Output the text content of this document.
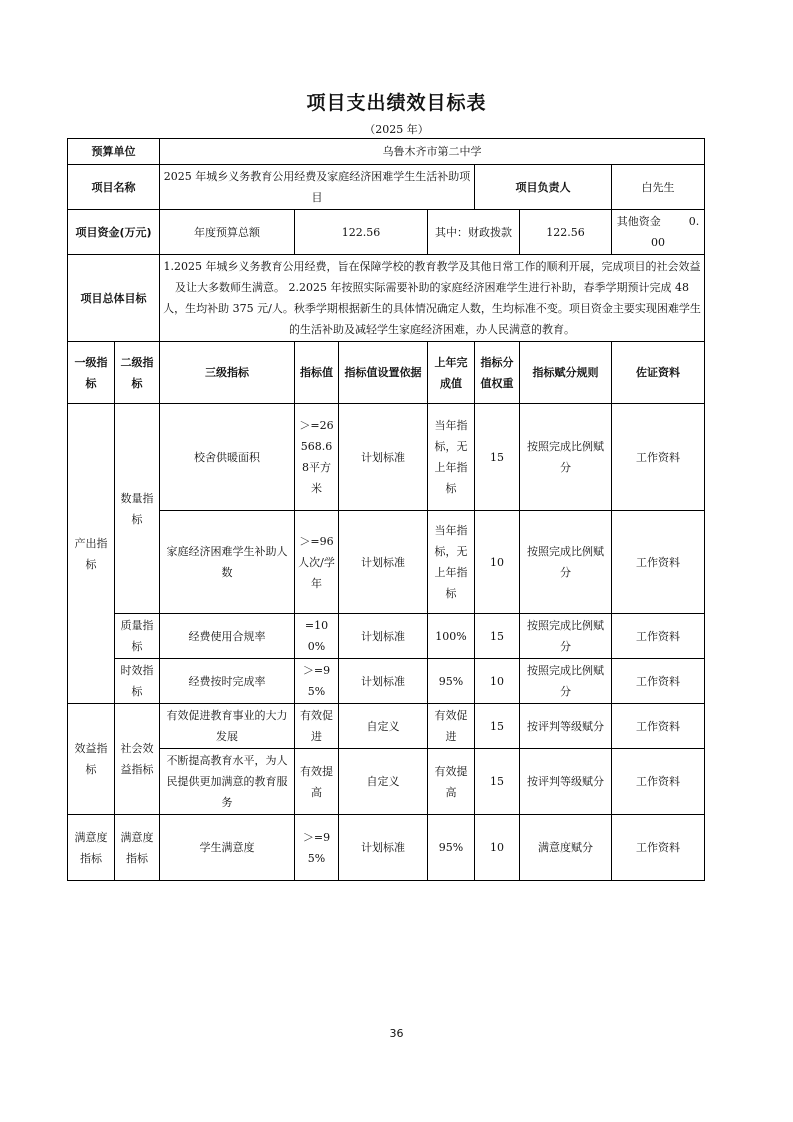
项目支出绩效目标表
（2025 年）
预算单位		乌鲁木齐市第二中学						
项目名称		2025 年城乡义务教育公用经费及家庭经济困难学生生活补助项目				项目负责人		白先生
项目资金(万元)		年度预算总额	122.56		其中：财政拨款		122.56	其他资金 0.00
项目总体目标		1.2025 年城乡义务教育公用经费，旨在保障学校的教育教学及其他日常工作的顺利开展，完成项目的社会效益及让大多数师生满意。 2.2025 年按照实际需要补助的家庭经济困难学生进行补助，春季学期预计完成 48 人，生均补助 375 元/人。秋季学期根据新生的具体情况确定人数，生均标准不变。项目资金主要实现困难学生的生活补助及减轻学生家庭经济困难，办人民满意的教育。						
一级指标	二级指标	三级指标	指标值	指标值设置依据	上年完成值	指标分值权重	指标赋分规则	佐证资料
产出指标	数量指标	校舍供暖面积	＞=26568.68平方米	计划标准	当年指标，无上年指标	15	按照完成比例赋分	工作资料
		家庭经济困难学生补助人数	＞=96人次/学年	计划标准	当年指标，无上年指标	10	按照完成比例赋分	工作资料
	质量指标	经费使用合规率	=100%	计划标准	100%	15	按照完成比例赋分	工作资料
	时效指标	经费按时完成率	＞=95%	计划标准	95%	10	按照完成比例赋分	工作资料
效益指标	社会效益指标	有效促进教育事业的大力发展	有效促进	自定义	有效促进	15	按评判等级赋分	工作资料
		不断提高教育水平，为人民提供更加满意的教育服务	有效提高	自定义	有效提高	15	按评判等级赋分	工作资料
满意度指标	满意度指标	学生满意度	＞=95%	计划标准	95%	10	满意度赋分	工作资料
36
